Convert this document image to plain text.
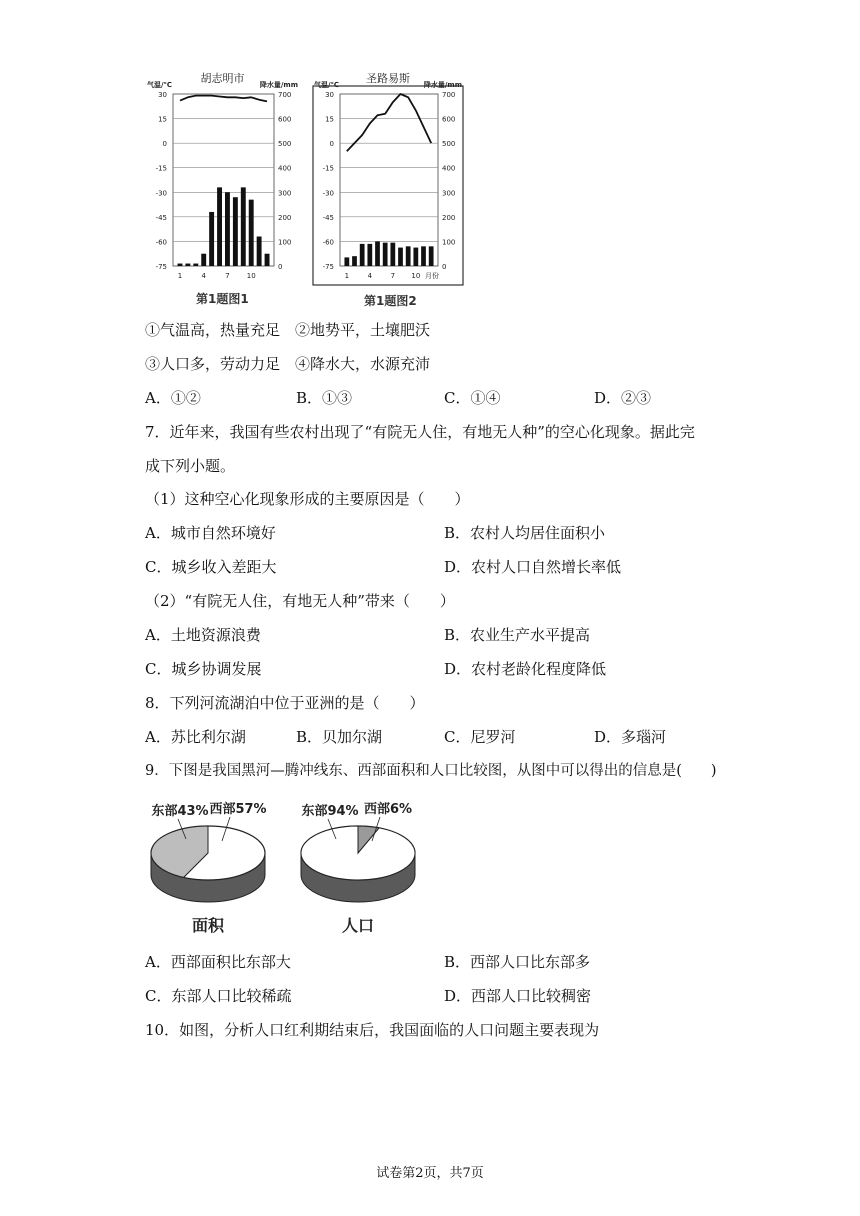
胡志明市
气温/℃	降水量/mm
30
15
0
-15
-30
-45
-60
-75
700
600
500
400
300
200
100
0
1	4	7 10
第1题图1
圣路易斯
气温/℃	降水量/mm
30
15
0
-15
-30
-45
-60
-75
700
600
500
400
300
200
100
0
1	4	7 10 月份
第1题图2
①气温高，热量充足　②地势平，土壤肥沃
③人口多，劳动力足　④降水大，水源充沛
A．①②	B．①③	C．①④	D．②③
7．近年来，我国有些农村出现了“有院无人住，有地无人种”的空心化现象。据此完
成下列小题。
（1）这种空心化现象形成的主要原因是（　　）
A．城市自然环境好	B．农村人均居住面积小
C．城乡收入差距大	D．农村人口自然增长率低
（2）“有院无人住，有地无人种”带来（　　）
A．土地资源浪费	B．农业生产水平提高
C．城乡协调发展	D．农村老龄化程度降低
8．下列河流湖泊中位于亚洲的是（　　）
A．苏比利尔湖	B．贝加尔湖	C．尼罗河	D．多瑙河
9．下图是我国黑河—腾冲线东、西部面积和人口比较图，从图中可以得出的信息是(　　)
东部43% 西部57%
面积
东部94% 西部6%
人口
A．西部面积比东部大	B．西部人口比东部多
C．东部人口比较稀疏	D．西部人口比较稠密
10．如图，分析人口红利期结束后，我国面临的人口问题主要表现为
试卷第2页，共7页
